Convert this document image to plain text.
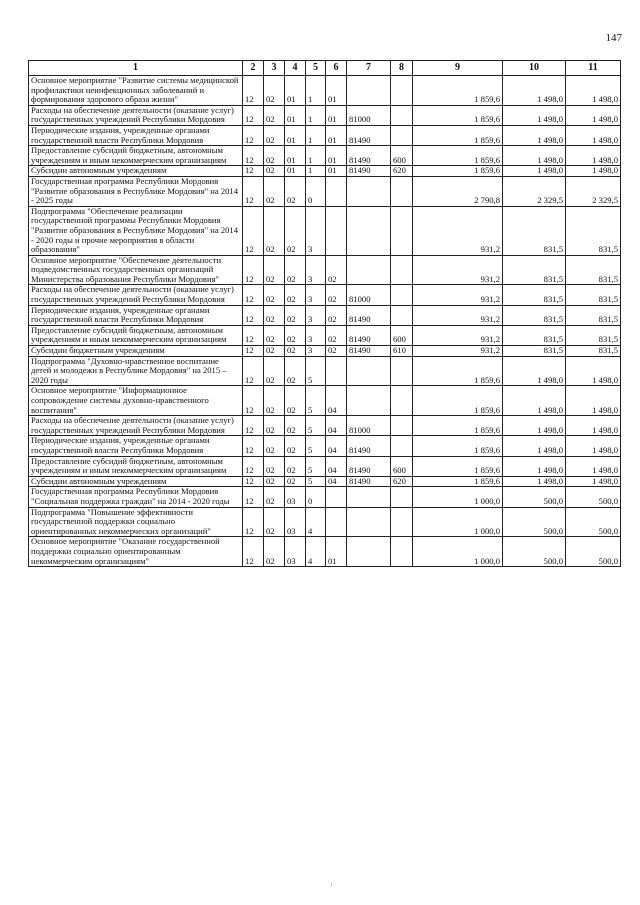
147
1	2	3	4	5	6	7	8	9	10	11
Основное мероприятие "Развитие системы медицинской профилактики неинфекционных заболеваний и формирования здорового образа жизни"	12	02	01	1	01			1 859,6	1 498,0	1 498,0
Расходы на обеспечение деятельности (оказание услуг) государственных учреждений Республики Мордовия	12	02	01	1	01	81000		1 859,6	1 498,0	1 498,0
Периодические издания, учрежденные органами государственной власти Республики Мордовия	12	02	01	1	01	81490		1 859,6	1 498,0	1 498,0
Предоставление субсидий бюджетным, автономным учреждениям и иным некоммерческим организациям	12	02	01	1	01	81490	600	1 859,6	1 498,0	1 498,0
Субсидии автономным учреждениям	12	02	01	1	01	81490	620	1 859,6	1 498,0	1 498,0
Государственная программа Республики Мордовия "Развитие образования в Республике Мордовия" на 2014 - 2025 годы	12	02	02	0				2 790,8	2 329,5	2 329,5
Подпрограмма "Обеспечение реализации государственной программы Республики Мордовия "Развитие образования в Республике Мордовия" на 2014 - 2020 годы и прочие мероприятия в области образования"	12	02	02	3				931,2	831,5	831,5
Основное мероприятие "Обеспечение деятельности подведомственных государственных организаций Министерства образования Республики Мордовия"	12	02	02	3	02			931,2	831,5	831,5
Расходы на обеспечение деятельности (оказание услуг) государственных учреждений Республики Мордовия	12	02	02	3	02	81000		931,2	831,5	831,5
Периодические издания, учрежденные органами государственной власти Республики Мордовия	12	02	02	3	02	81490		931,2	831,5	831,5
Предоставление субсидий бюджетным, автономным учреждениям и иным некоммерческим организациям	12	02	02	3	02	81490	600	931,2	831,5	831,5
Субсидии бюджетным учреждениям	12	02	02	3	02	81490	610	931,2	831,5	831,5
Подпрограмма "Духовно-нравственное воспитание детей и молодежи в Республике Мордовия" на 2015 – 2020 годы	12	02	02	5				1 859,6	1 498,0	1 498,0
Основное мероприятие "Информационное сопровождение системы духовно-нравственного воспитания"	12	02	02	5	04			1 859,6	1 498,0	1 498,0
Расходы на обеспечение деятельности (оказание услуг) государственных учреждений Республики Мордовия	12	02	02	5	04	81000		1 859,6	1 498,0	1 498,0
Периодические издания, учрежденные органами государственной власти Республики Мордовия	12	02	02	5	04	81490		1 859,6	1 498,0	1 498,0
Предоставление субсидий бюджетным, автономным учреждениям и иным некоммерческим организациям	12	02	02	5	04	81490	600	1 859,6	1 498,0	1 498,0
Субсидии автономным учреждениям	12	02	02	5	04	81490	620	1 859,6	1 498,0	1 498,0
Государственная программа Республики Мордовия "Социальная поддержка граждан" на 2014 - 2020 годы	12	02	03	0				1 000,0	500,0	500,0
Подпрограмма "Повышение эффективности государственной поддержки социально ориентированных некоммерческих организаций"	12	02	03	4				1 000,0	500,0	500,0
Основное мероприятие "Оказание государственной поддержки социально ориентированным некоммерческим организациям"	12	02	03	4	01			1 000,0	500,0	500,0
·
